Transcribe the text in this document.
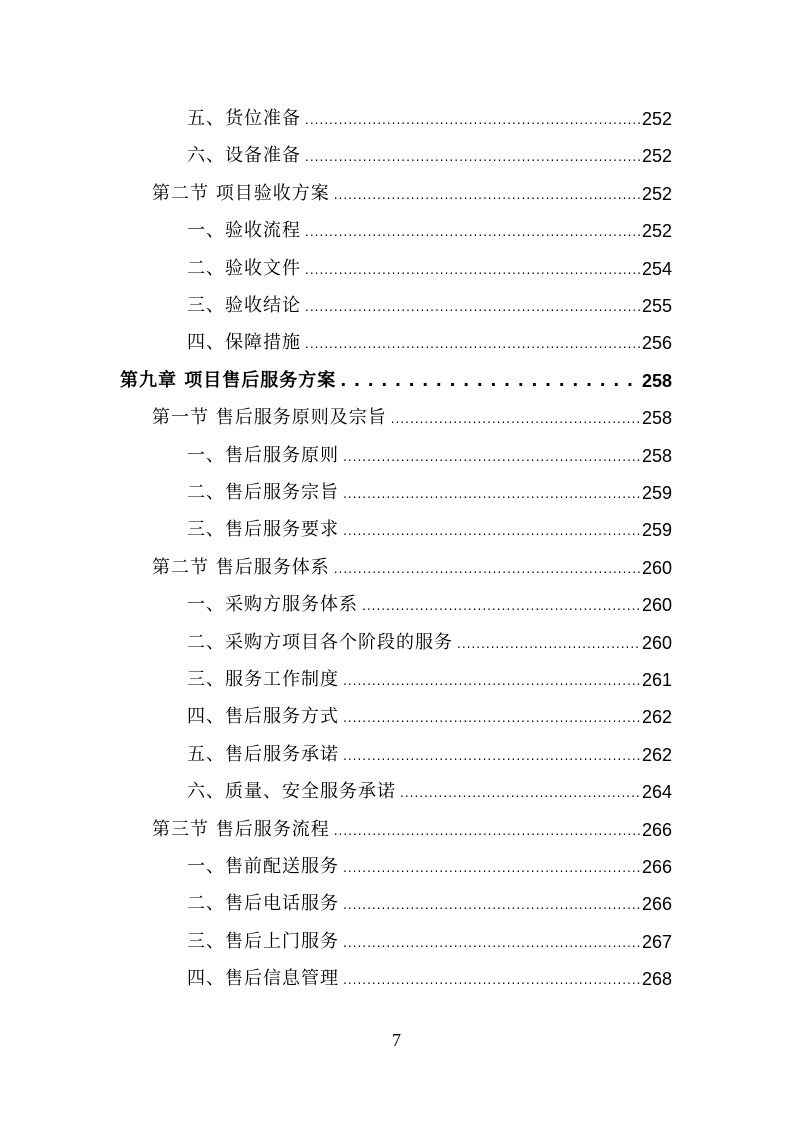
五、货位准备 .....	252
六、设备准备 .....	252
第二节 项目验收方案 .....	252
一、验收流程 .....	252
二、验收文件 .....	254
三、验收结论 .....	255
四、保障措施 .....	256
第九章 项目售后服务方案 . . .	258
第一节 售后服务原则及宗旨 .....	258
一、售后服务原则 .....	258
二、售后服务宗旨 .....	259
三、售后服务要求 .....	259
第二节 售后服务体系 .....	260
一、采购方服务体系 .....	260
二、采购方项目各个阶段的服务 .....	260
三、服务工作制度 .....	261
四、售后服务方式 .....	262
五、售后服务承诺 .....	262
六、质量、安全服务承诺 .....	264
第三节 售后服务流程 .....	266
一、售前配送服务 .....	266
二、售后电话服务 .....	266
三、售后上门服务 .....	267
四、售后信息管理 .....	268
7
